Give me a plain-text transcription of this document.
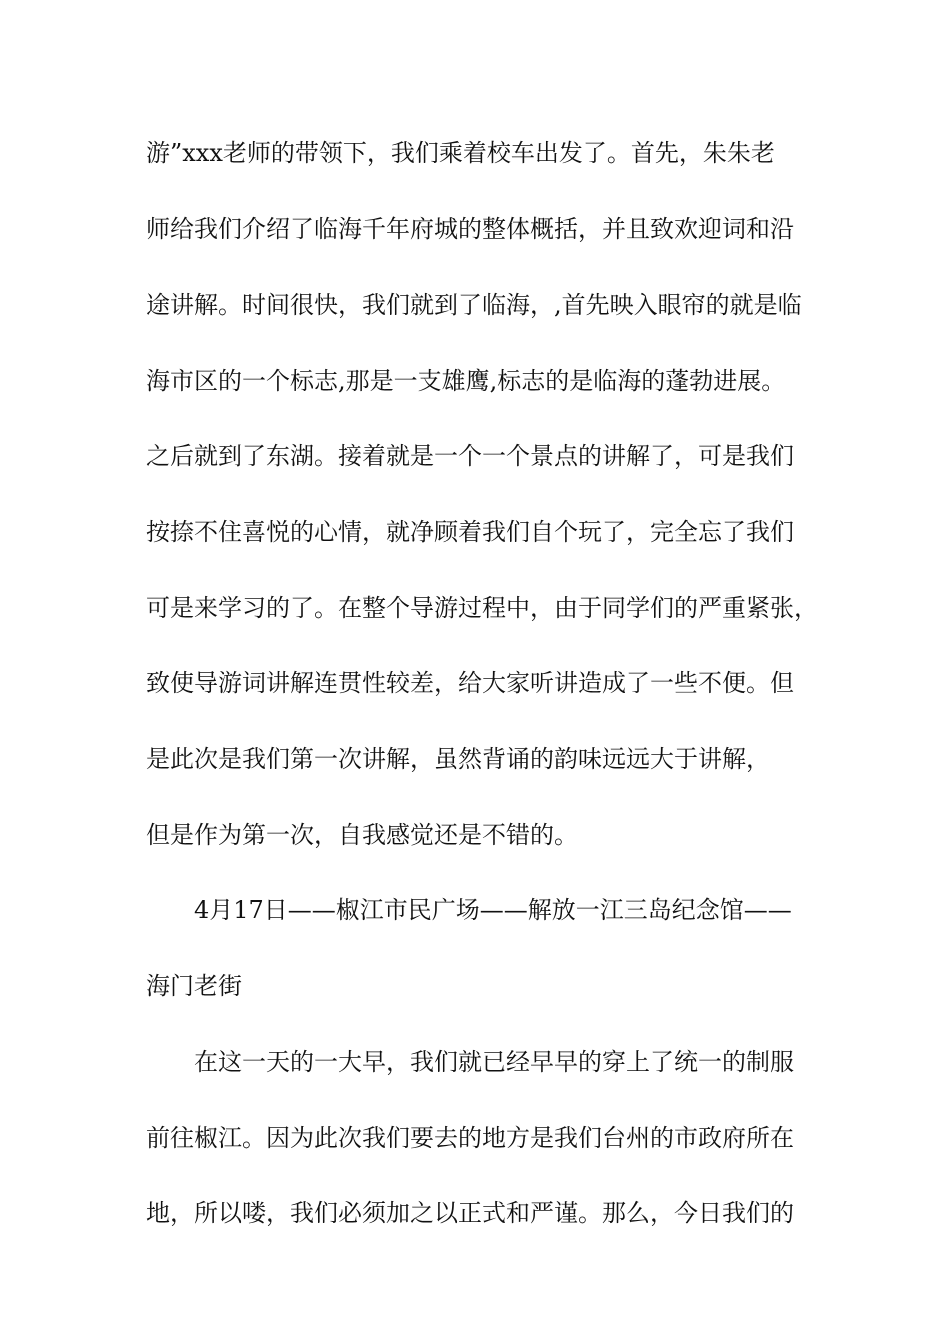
游”xxx老师的带领下，我们乘着校车出发了。首先，朱朱老
师给我们介绍了临海千年府城的整体概括，并且致欢迎词和沿
途讲解。时间很快，我们就到了临海，,首先映入眼帘的就是临
海市区的一个标志,那是一支雄鹰,标志的是临海的蓬勃进展。
之后就到了东湖。接着就是一个一个景点的讲解了，可是我们
按捺不住喜悦的心情，就净顾着我们自个玩了，完全忘了我们
可是来学习的了。在整个导游过程中，由于同学们的严重紧张，
致使导游词讲解连贯性较差，给大家听讲造成了一些不便。但
是此次是我们第一次讲解，虽然背诵的韵味远远大于讲解，
但是作为第一次，自我感觉还是不错的。
4月17日——椒江市民广场——解放一江三岛纪念馆——
海门老街
在这一天的一大早，我们就已经早早的穿上了统一的制服
前往椒江。因为此次我们要去的地方是我们台州的市政府所在
地，所以喽，我们必须加之以正式和严谨。那么，今日我们的
